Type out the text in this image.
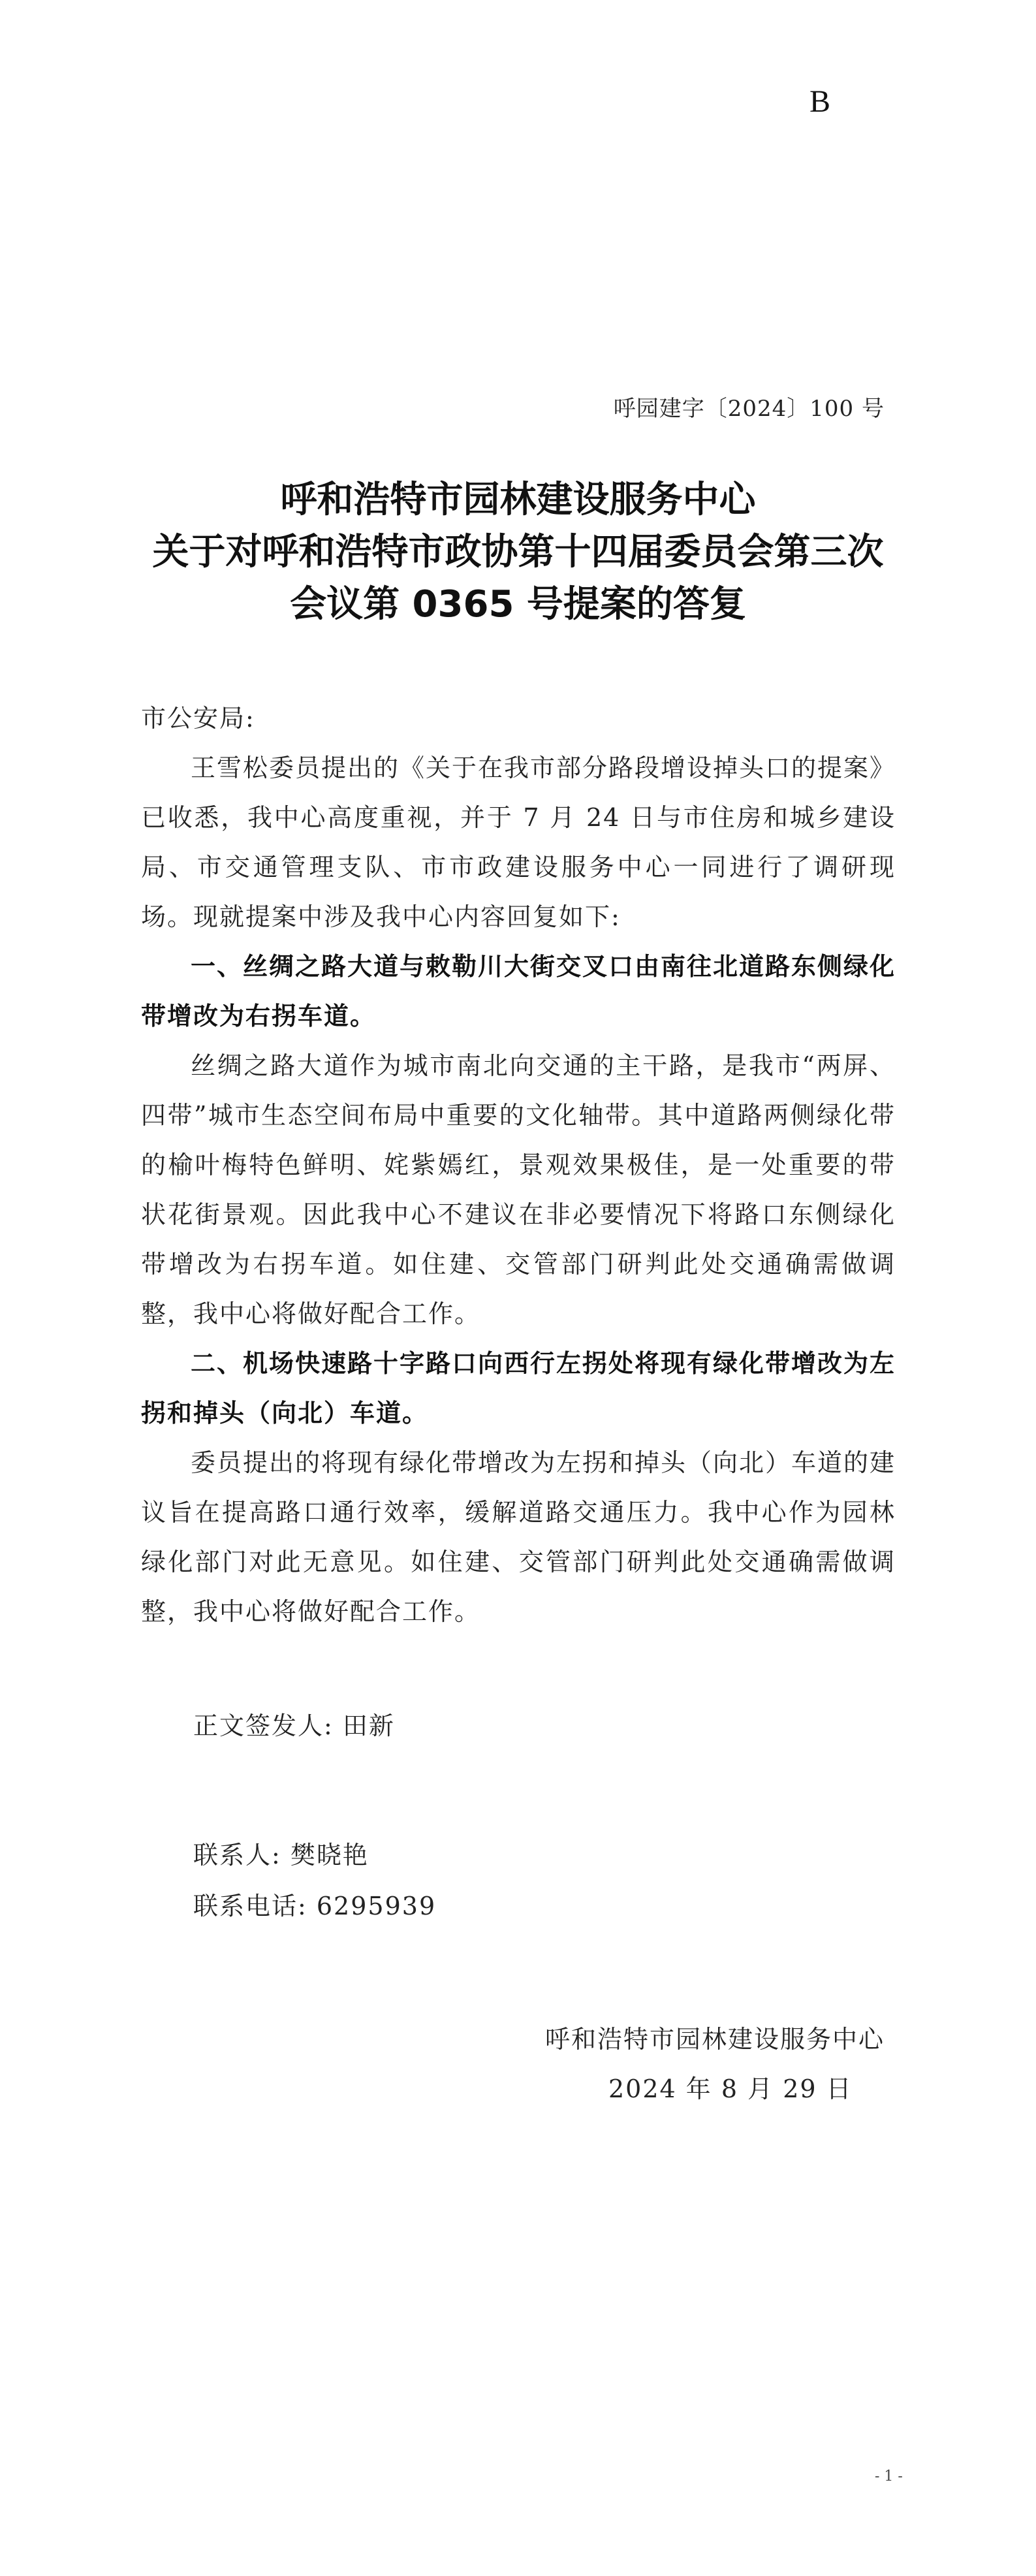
B
呼园建字〔2024〕100 号
呼和浩特市园林建设服务中心
关于对呼和浩特市政协第十四届委员会第三次
会议第 0365 号提案的答复

市公安局:

王雪松委员提出的《关于在我市部分路段增设掉头口的提案》已收悉，我中心高度重视，并于 7 月 24 日与市住房和城乡建设局、市交通管理支队、市市政建设服务中心一同进行了调研现场。现就提案中涉及我中心内容回复如下:

一、丝绸之路大道与敕勒川大街交叉口由南往北道路东侧绿化带增改为右拐车道。

丝绸之路大道作为城市南北向交通的主干路，是我市“两屏、四带”城市生态空间布局中重要的文化轴带。其中道路两侧绿化带的榆叶梅特色鲜明、姹紫嫣红，景观效果极佳，是一处重要的带状花街景观。因此我中心不建议在非必要情况下将路口东侧绿化带增改为右拐车道。如住建、交管部门研判此处交通确需做调整，我中心将做好配合工作。

二、机场快速路十字路口向西行左拐处将现有绿化带增改为左拐和掉头（向北）车道。

委员提出的将现有绿化带增改为左拐和掉头（向北）车道的建议旨在提高路口通行效率，缓解道路交通压力。我中心作为园林绿化部门对此无意见。如住建、交管部门研判此处交通确需做调整，我中心将做好配合工作。

正文签发人: 田新
联系人: 樊晓艳
联系电话: 6295939
呼和浩特市园林建设服务中心
2024 年 8 月 29 日
- 1 -
